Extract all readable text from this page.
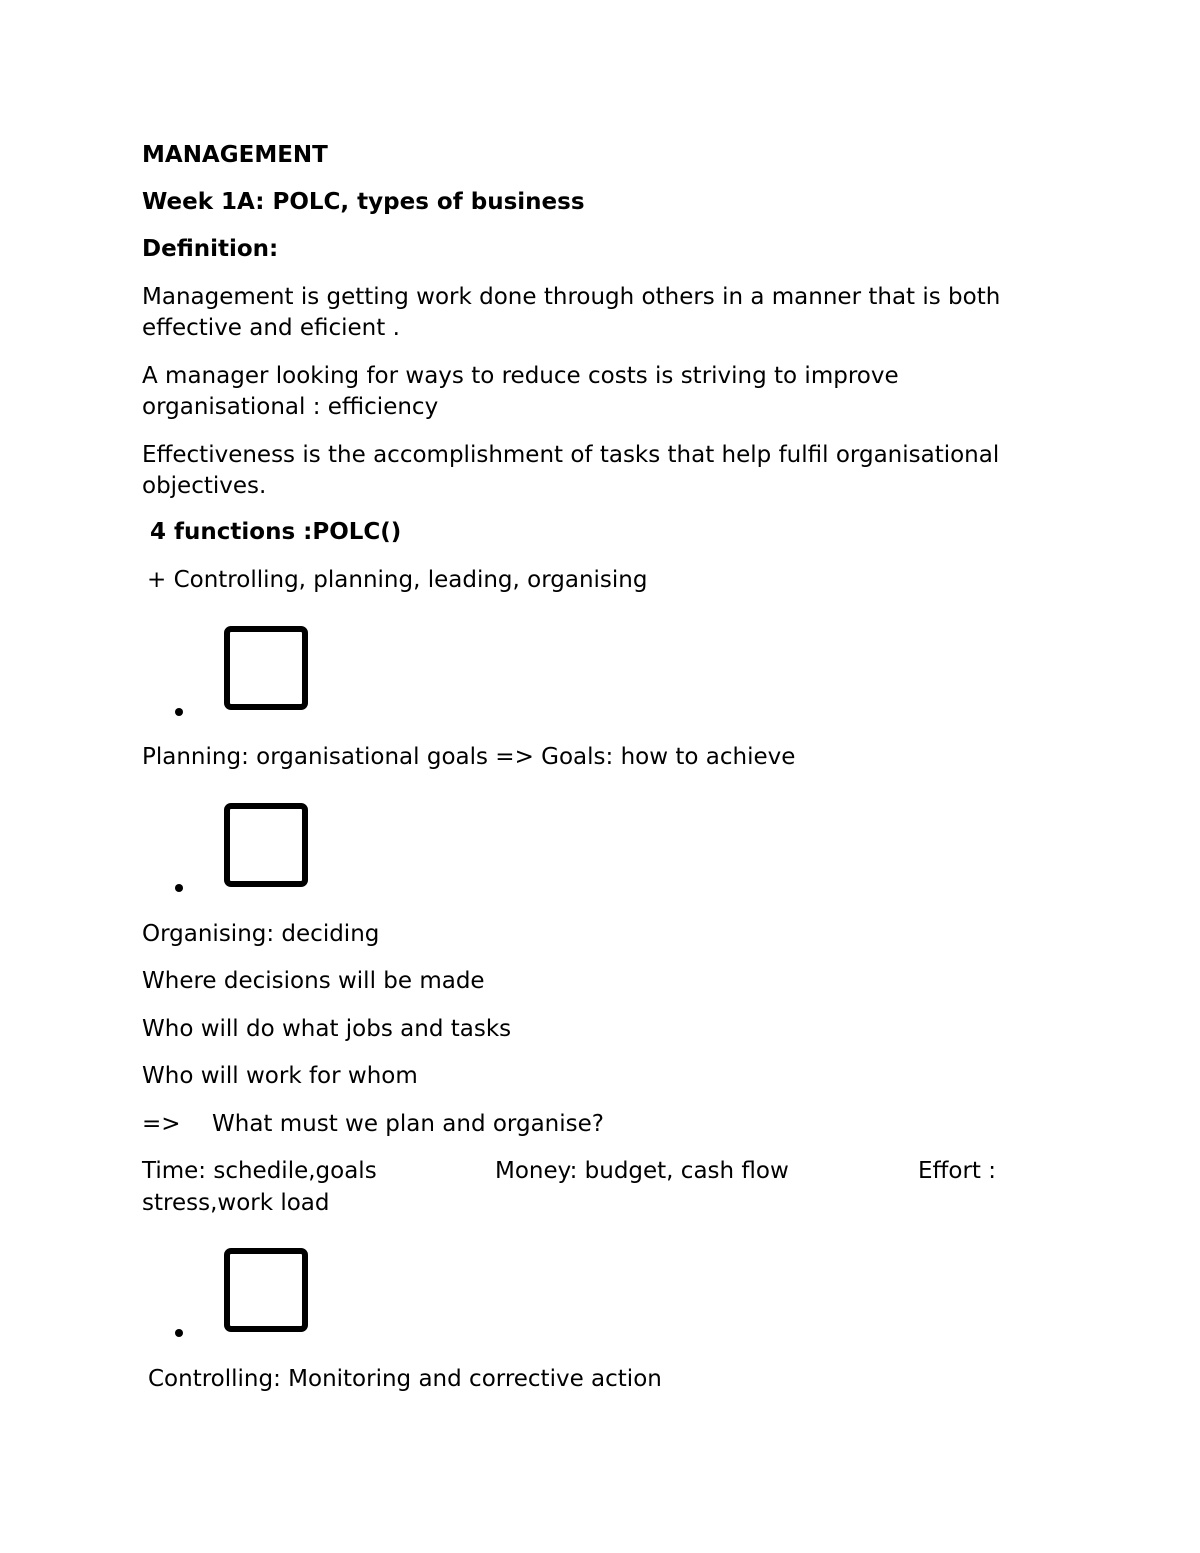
MANAGEMENT
Week 1A: POLC, types of business
Definition:
Management is getting work done through others in a manner that is both
effective and eficient .
A manager looking for ways to reduce costs is striving to improve
organisational : efficiency
Effectiveness is the accomplishment of tasks that help fulfil organisational
objectives.
4 functions :POLC()
+ Controlling, planning, leading, organising
Planning: organisational goals => Goals: how to achieve
Organising: deciding
Where decisions will be made
Who will do what jobs and tasks
Who will work for whom
=> What must we plan and organise?
Time: schedile,goals	Money: budget, cash flow	Effort :
stress,work load
Controlling: Monitoring and corrective action
